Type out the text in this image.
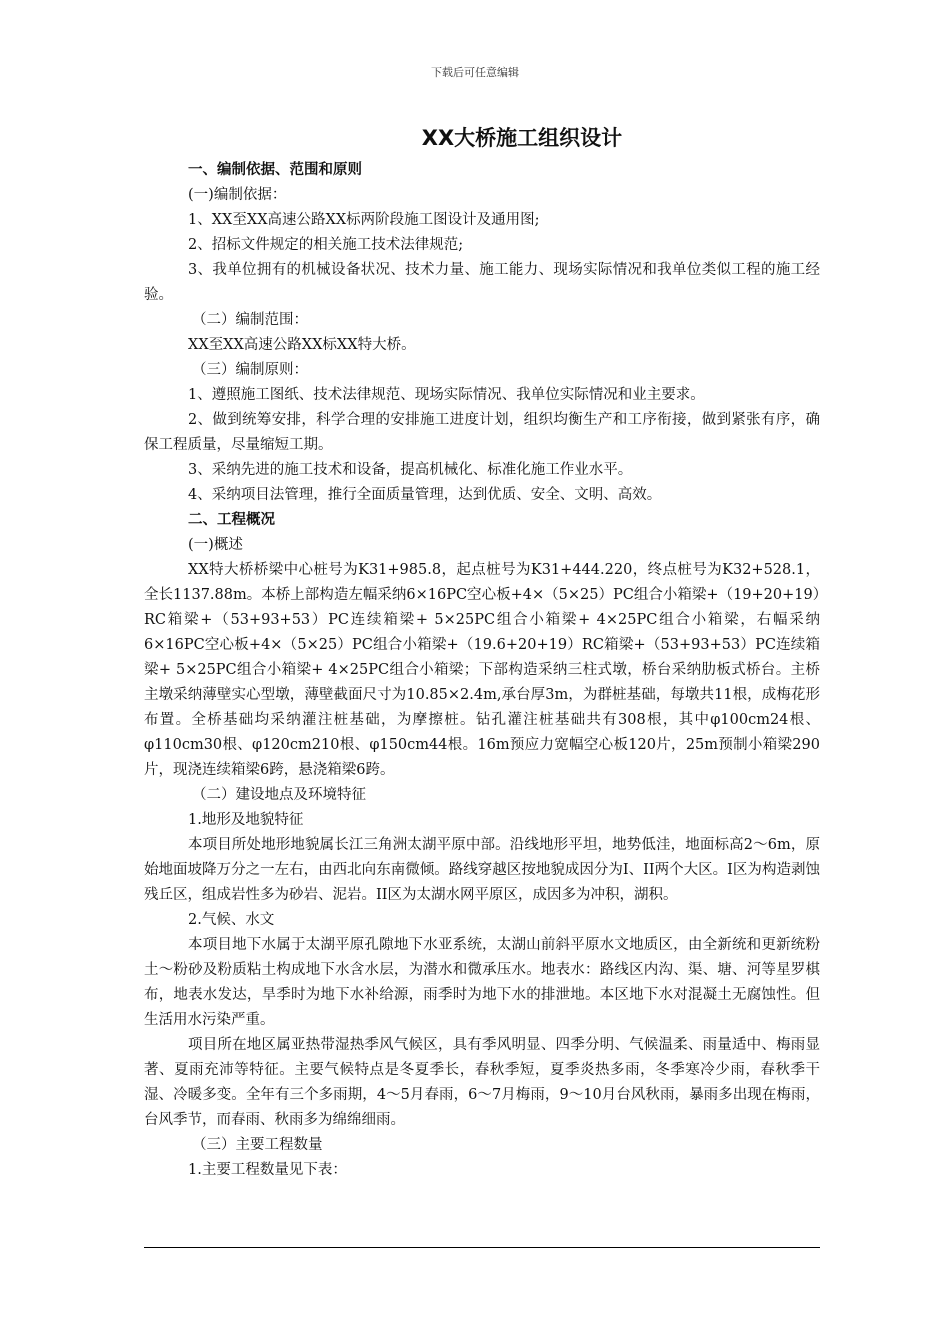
下载后可任意编辑

XX大桥施工组织设计

一、编制依据、范围和原则

(一)编制依据：

1、XX至XX高速公路XX标两阶段施工图设计及通用图;

2、招标文件规定的相关施工技术法律规范;

3、我单位拥有的机械设备状况、技术力量、施工能力、现场实际情况和我单位类似工程的施工经验。

（二）编制范围：

XX至XX高速公路XX标XX特大桥。

（三）编制原则：

1、遵照施工图纸、技术法律规范、现场实际情况、我单位实际情况和业主要求。

2、做到统筹安排，科学合理的安排施工进度计划，组织均衡生产和工序衔接，做到紧张有序，确保工程质量，尽量缩短工期。

3、采纳先进的施工技术和设备，提高机械化、标准化施工作业水平。

4、采纳项目法管理，推行全面质量管理，达到优质、安全、文明、高效。

二、工程概况

(一)概述

XX特大桥桥梁中心桩号为K31+985.8，起点桩号为K31+444.220，终点桩号为K32+528.1，全长1137.88m。本桥上部构造左幅采纳6×16PC空心板+4×（5×25）PC组合小箱梁+（19+20+19）RC箱梁+（53+93+53）PC连续箱梁+ 5×25PC组合小箱梁+ 4×25PC组合小箱梁，右幅采纳6×16PC空心板+4×（5×25）PC组合小箱梁+（19.6+20+19）RC箱梁+（53+93+53）PC连续箱梁+ 5×25PC组合小箱梁+ 4×25PC组合小箱梁；下部构造采纳三柱式墩，桥台采纳肋板式桥台。主桥主墩采纳薄壁实心型墩，薄壁截面尺寸为10.85×2.4m,承台厚3m，为群桩基础，每墩共11根，成梅花形布置。全桥基础均采纳灌注桩基础，为摩擦桩。钻孔灌注桩基础共有308根，其中φ100cm24根、φ110cm30根、φ120cm210根、φ150cm44根。16m预应力宽幅空心板120片，25m预制小箱梁290片，现浇连续箱梁6跨，悬浇箱梁6跨。

（二）建设地点及环境特征

1.地形及地貌特征

本项目所处地形地貌属长江三角洲太湖平原中部。沿线地形平坦，地势低洼，地面标高2～6m，原始地面坡降万分之一左右，由西北向东南微倾。路线穿越区按地貌成因分为I、II两个大区。I区为构造剥蚀残丘区，组成岩性多为砂岩、泥岩。II区为太湖水网平原区，成因多为冲积，湖积。

2.气候、水文

本项目地下水属于太湖平原孔隙地下水亚系统，太湖山前斜平原水文地质区，由全新统和更新统粉土～粉砂及粉质粘土构成地下水含水层，为潜水和微承压水。地表水：路线区内沟、渠、塘、河等星罗棋布，地表水发达，旱季时为地下水补给源，雨季时为地下水的排泄地。本区地下水对混凝土无腐蚀性。但生活用水污染严重。

项目所在地区属亚热带湿热季风气候区，具有季风明显、四季分明、气候温柔、雨量适中、梅雨显著、夏雨充沛等特征。主要气候特点是冬夏季长，春秋季短，夏季炎热多雨，冬季寒冷少雨，春秋季干湿、冷暖多变。全年有三个多雨期，4～5月春雨，6～7月梅雨，9～10月台风秋雨，暴雨多出现在梅雨，台风季节，而春雨、秋雨多为绵绵细雨。

（三）主要工程数量

1.主要工程数量见下表：
